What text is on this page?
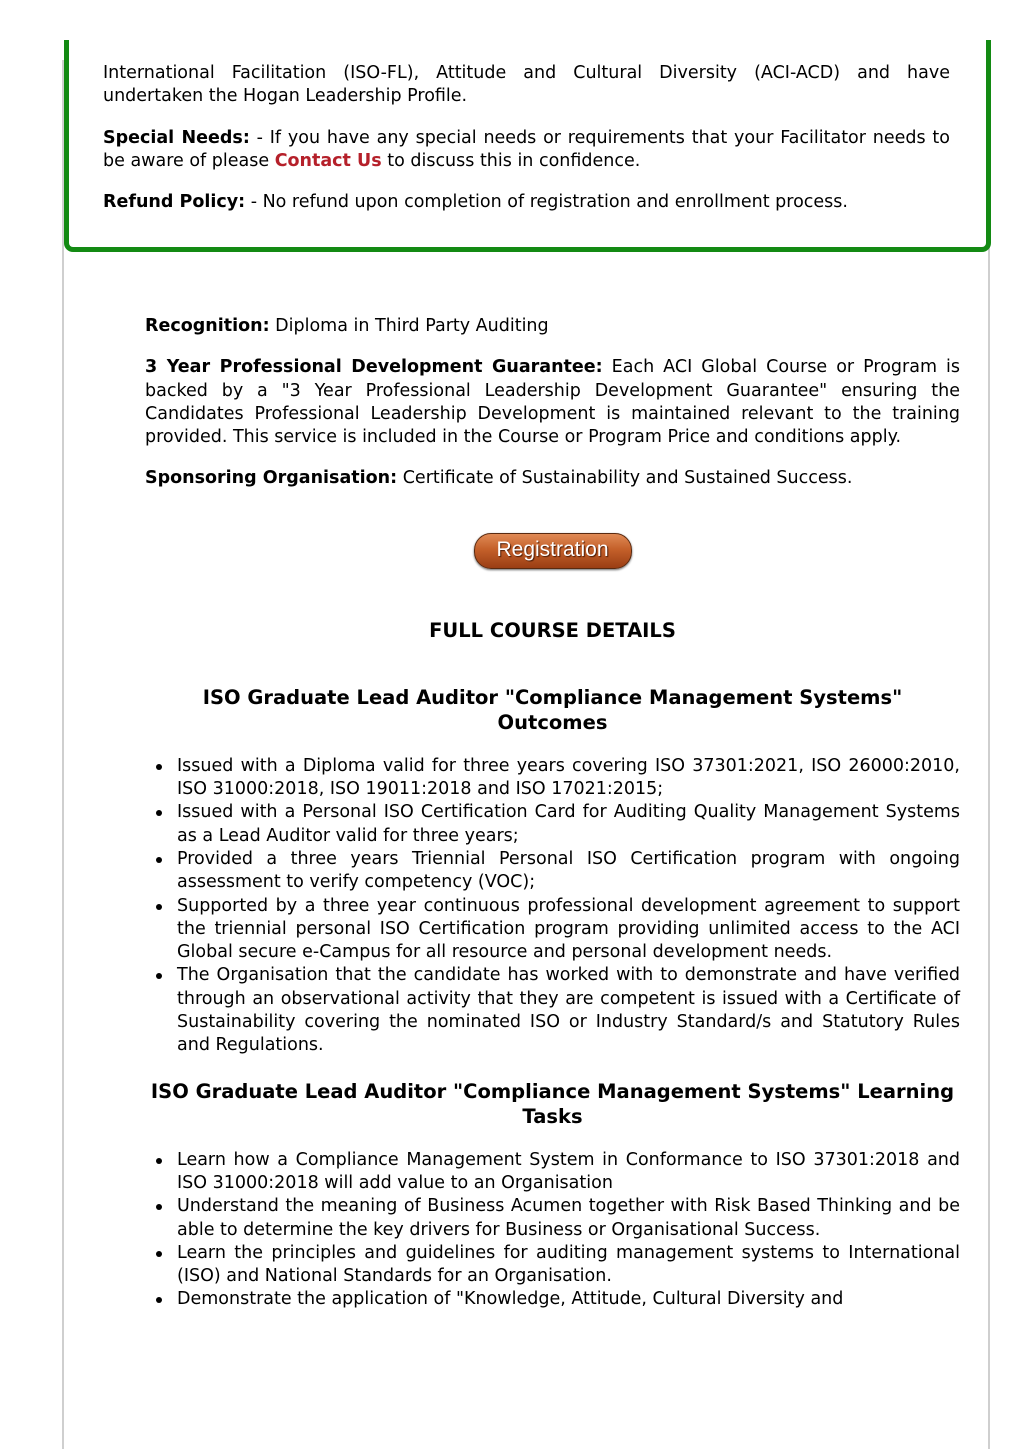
International Facilitation (ISO-FL), Attitude and Cultural Diversity (ACI-ACD) and have undertaken the Hogan Leadership Profile.

Special Needs: - If you have any special needs or requirements that your Facilitator needs to be aware of please Contact Us to discuss this in confidence.

Refund Policy: - No refund upon completion of registration and enrollment process.

Recognition: Diploma in Third Party Auditing

3 Year Professional Development Guarantee: Each ACI Global Course or Program is backed by a "3 Year Professional Leadership Development Guarantee" ensuring the Candidates Professional Leadership Development is maintained relevant to the training provided. This service is included in the Course or Program Price and conditions apply.

Sponsoring Organisation: Certificate of Sustainability and Sustained Success.

Registration
FULL COURSE DETAILS
ISO Graduate Lead Auditor "Compliance Management Systems" Outcomes
Issued with a Diploma valid for three years covering ISO 37301:2021, ISO 26000:2010, ISO 31000:2018, ISO 19011:2018 and ISO 17021:2015;
Issued with a Personal ISO Certification Card for Auditing Quality Management Systems as a Lead Auditor valid for three years;
Provided a three years Triennial Personal ISO Certification program with ongoing assessment to verify competency (VOC);
Supported by a three year continuous professional development agreement to support the triennial personal ISO Certification program providing unlimited access to the ACI Global secure e-Campus for all resource and personal development needs.
The Organisation that the candidate has worked with to demonstrate and have verified through an observational activity that they are competent is issued with a Certificate of Sustainability covering the nominated ISO or Industry Standard/s and Statutory Rules and Regulations.
ISO Graduate Lead Auditor "Compliance Management Systems" Learning Tasks
Learn how a Compliance Management System in Conformance to ISO 37301:2018 and ISO 31000:2018 will add value to an Organisation
Understand the meaning of Business Acumen together with Risk Based Thinking and be able to determine the key drivers for Business or Organisational Success.
Learn the principles and guidelines for auditing management systems to International (ISO) and National Standards for an Organisation.
Demonstrate the application of "Knowledge, Attitude, Cultural Diversity and
